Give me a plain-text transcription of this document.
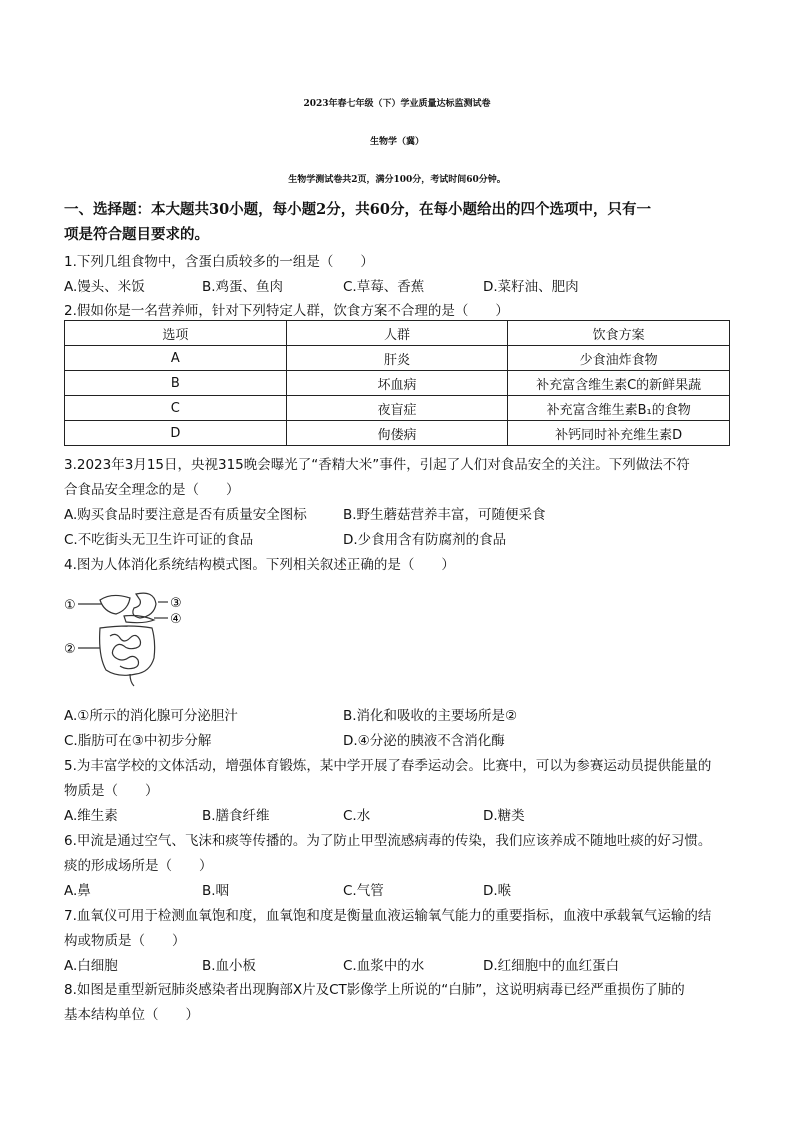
2023年春七年级（下）学业质量达标监测试卷
生物学（冀）
生物学测试卷共2页，满分100分，考试时间60分钟。
一、选择题：本大题共30小题，每小题2分，共60分，在每小题给出的四个选项中，只有一
项是符合题目要求的。
1.下列几组食物中，含蛋白质较多的一组是（　　）
A.馒头、米饭	B.鸡蛋、鱼肉	C.草莓、香蕉	D.菜籽油、肥肉
2.假如你是一名营养师，针对下列特定人群，饮食方案不合理的是（　　）
选项	人群	饮食方案
A	肝炎	少食油炸食物
B	坏血病	补充富含维生素C的新鲜果蔬
C	夜盲症	补充富含维生素B₁的食物
D	佝偻病	补钙同时补充维生素D
3.2023年3月15日，央视315晚会曝光了“香精大米”事件，引起了人们对食品安全的关注。下列做法不符
合食品安全理念的是（　　）
A.购买食品时要注意是否有质量安全图标	B.野生蘑菇营养丰富，可随便采食
C.不吃街头无卫生许可证的食品	D.少食用含有防腐剂的食品
4.图为人体消化系统结构模式图。下列相关叙述正确的是（　　）
①
②
③
④
A.①所示的消化腺可分泌胆汁	B.消化和吸收的主要场所是②
C.脂肪可在③中初步分解	D.④分泌的胰液不含消化酶
5.为丰富学校的文体活动，增强体育锻炼，某中学开展了春季运动会。比赛中，可以为参赛运动员提供能量的
物质是（　　）
A.维生素	B.膳食纤维	C.水	D.糖类
6.甲流是通过空气、飞沫和痰等传播的。为了防止甲型流感病毒的传染，我们应该养成不随地吐痰的好习惯。
痰的形成场所是（　　）
A.鼻	B.咽	C.气管	D.喉
7.血氧仪可用于检测血氧饱和度，血氧饱和度是衡量血液运输氧气能力的重要指标，血液中承载氧气运输的结
构或物质是（　　）
A.白细胞	B.血小板	C.血浆中的水	D.红细胞中的血红蛋白
8.如图是重型新冠肺炎感染者出现胸部X片及CT影像学上所说的“白肺”，这说明病毒已经严重损伤了肺的
基本结构单位（　　）
